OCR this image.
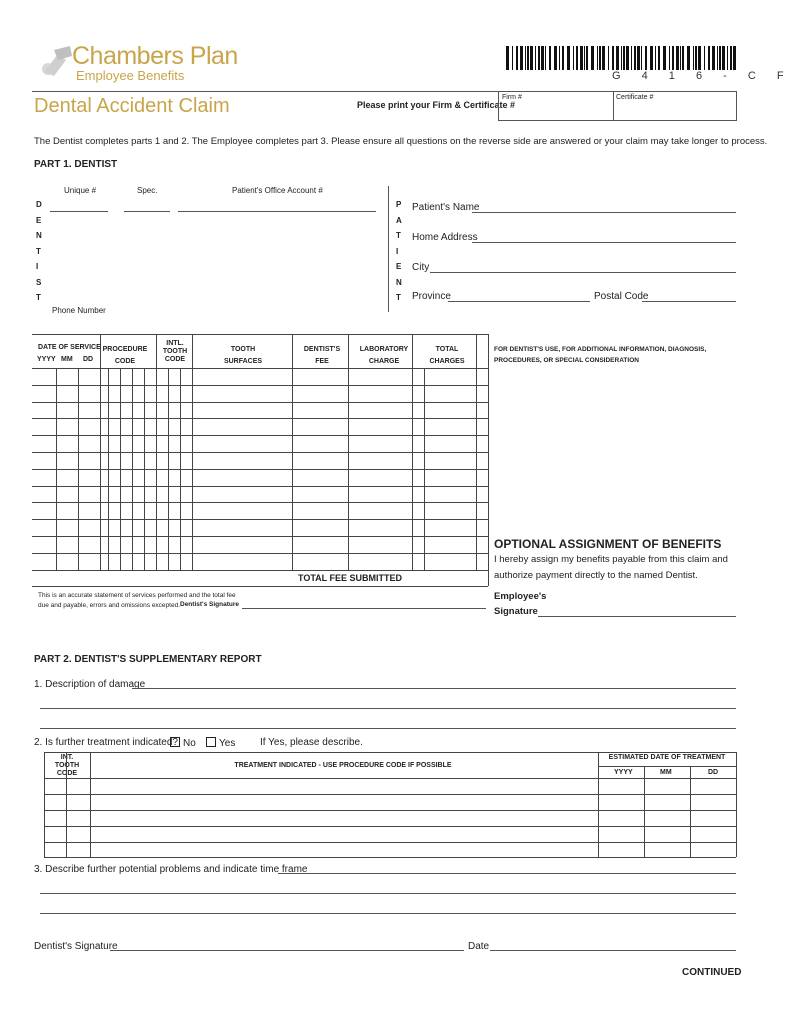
Chambers Plan
Employee Benefits	G 4 1 6 - C F
Dental Accident Claim	Please print your Firm & Certificate #
Firm #	Certificate #
The Dentist completes parts 1 and 2. The Employee completes part 3. Please ensure all questions on the reverse side are answered or your claim may take longer to process.
PART 1. DENTIST
D E N T I S T
Unique #	Spec.	Patient's Office Account #
Phone Number
P A T I E N T
Patient's Name
Home Address
City
Province	Postal Code
DATE OF SERVICE
YYYY MM DD
PROCEDURE CODE
INTL. TOOTH CODE
TOOTH SURFACES
DENTIST'S FEE
LABORATORY CHARGE
TOTAL CHARGES
TOTAL FEE SUBMITTED
This is an accurate statement of services performed and the total fee due and payable, errors and omissions excepted. Dentist's Signature
FOR DENTIST'S USE, FOR ADDITIONAL INFORMATION, DIAGNOSIS, PROCEDURES, OR SPECIAL CONSIDERATION
OPTIONAL ASSIGNMENT OF BENEFITS
I hereby assign my benefits payable from this claim and authorize payment directly to the named Dentist.
Employee's
Signature
PART 2. DENTIST'S SUPPLEMENTARY REPORT
1. Description of damage
2. Is further treatment indicated? No	Yes If Yes, please describe.
INT. TOOTH CODE
TREATMENT INDICATED - USE PROCEDURE CODE IF POSSIBLE
ESTIMATED DATE OF TREATMENT
YYYY	MM	DD
3. Describe further potential problems and indicate time frame
Dentist's Signature	Date
CONTINUED
